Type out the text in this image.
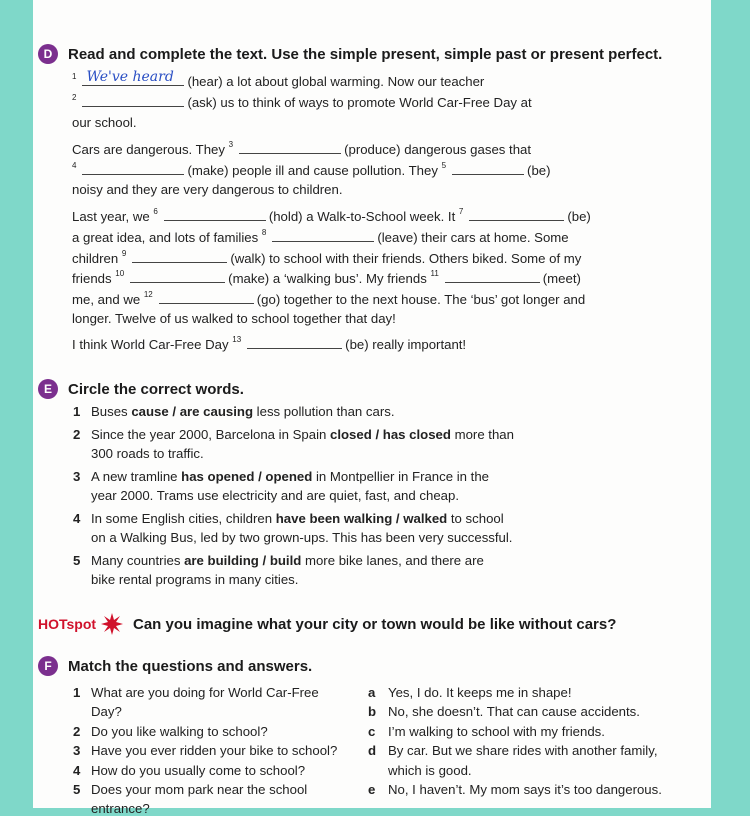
D	Read and complete the text. Use the simple present, simple past or present perfect.
$^1$ We've heard (hear) a lot about global warming. Now our teacher
$^2$	(ask) us to think of ways to promote World Car-Free Day at
our school.
Cars are dangerous. They $^3$	(produce) dangerous gases that
$^4$	(make) people ill and cause pollution. They $^5$	(be)
noisy and they are very dangerous to children.
Last year, we $^6$	(hold) a Walk-to-School week. It $^7$	(be)
a great idea, and lots of families $^8$	(leave) their cars at home. Some
children $^9$	(walk) to school with their friends. Others biked. Some of my
friends $^{10}$	(make) a ‘walking bus’. My friends $^{11}$	(meet)
me, and we $^{12}$	(go) together to the next house. The ‘bus’ got longer and
longer. Twelve of us walked to school together that day!
I think World Car-Free Day $^{13}$	(be) really important!
E	Circle the correct words.
1 Buses cause / are causing less pollution than cars.
2 Since the year 2000, Barcelona in Spain closed / has closed more than
300 roads to traffic.
3 A new tramline has opened / opened in Montpellier in France in the
year 2000. Trams use electricity and are quiet, fast, and cheap.
4 In some English cities, children have been walking / walked to school
on a Walking Bus, led by two grown-ups. This has been very successful.
5 Many countries are building / build more bike lanes, and there are
bike rental programs in many cities.
HOTspot Can you imagine what your city or town would be like without cars?
F	Match the questions and answers.
1 What are you doing for World Car-Free
Day?
2 Do you like walking to school?
3 Have you ever ridden your bike to school?
4 How do you usually come to school?
5 Does your mom park near the school
entrance?
a Yes, I do. It keeps me in shape!
b No, she doesn’t. That can cause accidents.
c I’m walking to school with my friends.
d By car. But we share rides with another family,
which is good.
e No, I haven’t. My mom says it’s too dangerous.
